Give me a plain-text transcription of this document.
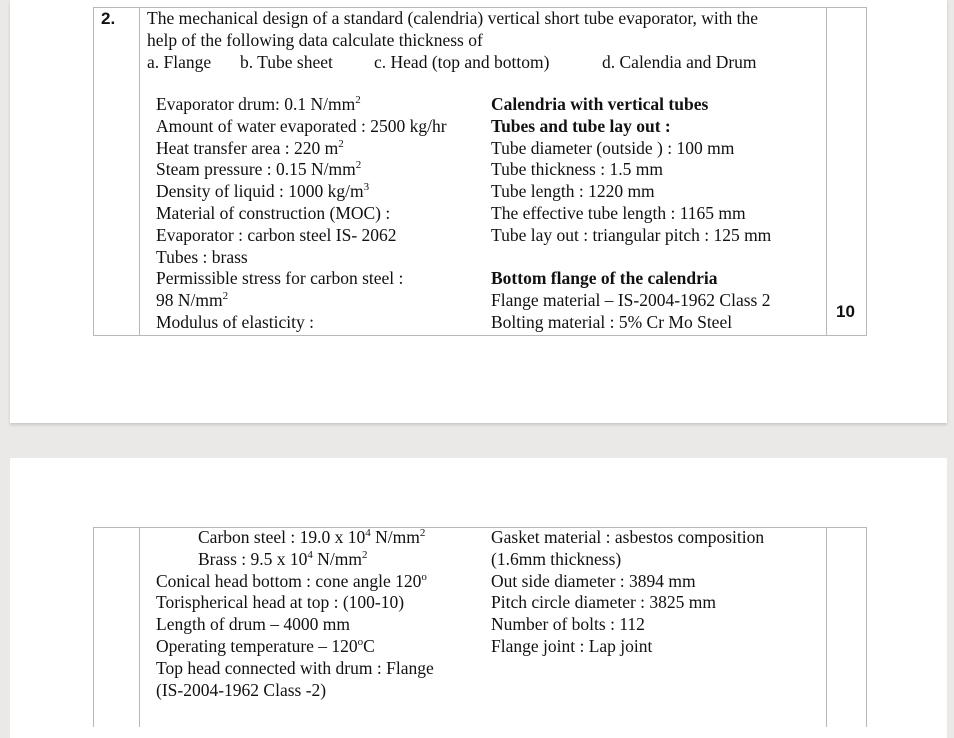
2.
10
The mechanical design of a standard (calendria) vertical short tube evaporator, with the
help of the following data calculate thickness of
a. Flange b. Tube sheet c. Head (top and bottom)	d. Calendia and Drum
Evaporator drum: 0.1 $N/mm^2$
Amount of water evaporated : 2500 kg/hr
Heat transfer area : 220 $m^2$
Steam pressure : 0.15 $N/mm^2$
Density of liquid : 1000 $kg/m^3$
Material of construction (MOC) :
Evaporator : carbon steel IS- 2062
Tubes : brass
Permissible stress for carbon steel :
98 $N/mm^2$
Modulus of elasticity :
Calendria with vertical tubes
Tubes and tube lay out :
Tube diameter (outside ) : 100 mm
Tube thickness : 1.5 mm
Tube length : 1220 mm
The effective tube length : 1165 mm
Tube lay out : triangular pitch : 125 mm
Bottom flange of the calendria
Flange material – IS-2004-1962 Class 2
Bolting material : 5% Cr Mo Steel
Carbon steel : 19.0 x $10^4$ $N/mm^2$
Brass : 9.5 x $10^4$ $N/mm^2$
Conical head bottom : cone angle 120$^o$
Torispherical head at top : (100-10)
Length of drum – 4000 mm
Operating temperature – 120$^o$C
Top head connected with drum : Flange
(IS-2004-1962 Class -2)
Gasket material : asbestos composition
(1.6mm thickness)
Out side diameter : 3894 mm
Pitch circle diameter : 3825 mm
Number of bolts : 112
Flange joint : Lap joint
